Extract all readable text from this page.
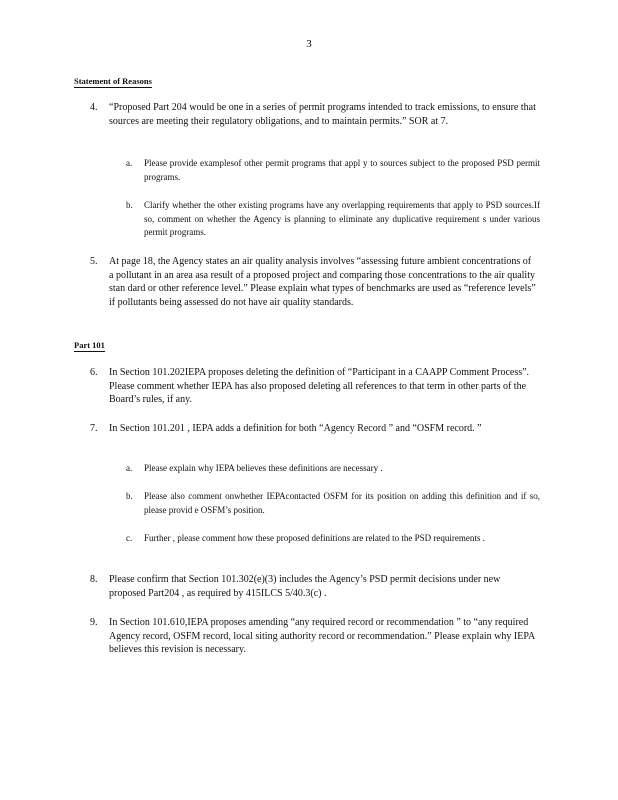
3
Statement of Reasons
4.	“Proposed Part 204 would be one in a series of permit programs intended to track emissions, to ensure that sources are meeting their regulatory obligations, and to maintain permits.” SOR at 7.
a.	Please provide examplesof other permit programs that appl y to sources subject to the proposed PSD permit programs.
b.	Clarify whether the other existing programs have any overlapping requirements that apply to PSD sources.If so, comment on whether the Agency is planning to eliminate any duplicative requirement s under various permit programs.
5.	At page 18, the Agency states an air quality analysis involves “assessing future ambient concentrations of a pollutant in an area asa result of a proposed project and comparing those concentrations to the air quality stan dard or other reference level.” Please explain what types of benchmarks are used as “reference levels” if pollutants being assessed do not have air quality standards.
Part 101
6.	In Section 101.202IEPA proposes deleting the definition of “Participant in a CAAPP Comment Process”. Please comment whether IEPA has also proposed deleting all references to that term in other parts of the Board’s rules, if any.
7.	In Section 101.201 , IEPA adds a definition for both “Agency Record ” and “OSFM record. ”
a.	Please explain why IEPA believes these definitions are necessary .
b.	Please also comment onwhether IEPAcontacted OSFM for its position on adding this definition and if so, please provid e OSFM’s position.
c.	Further , please comment how these proposed definitions are related to the PSD requirements .
8.	Please confirm that Section 101.302(e)(3) includes the Agency’s PSD permit decisions under new proposed Part204 , as required by 415ILCS 5/40.3(c) .
9.	In Section 101.610,IEPA proposes amending “any required record or recommendation ” to “any required Agency record, OSFM record, local siting authority record or recommendation.” Please explain why IEPA believes this revision is necessary.
